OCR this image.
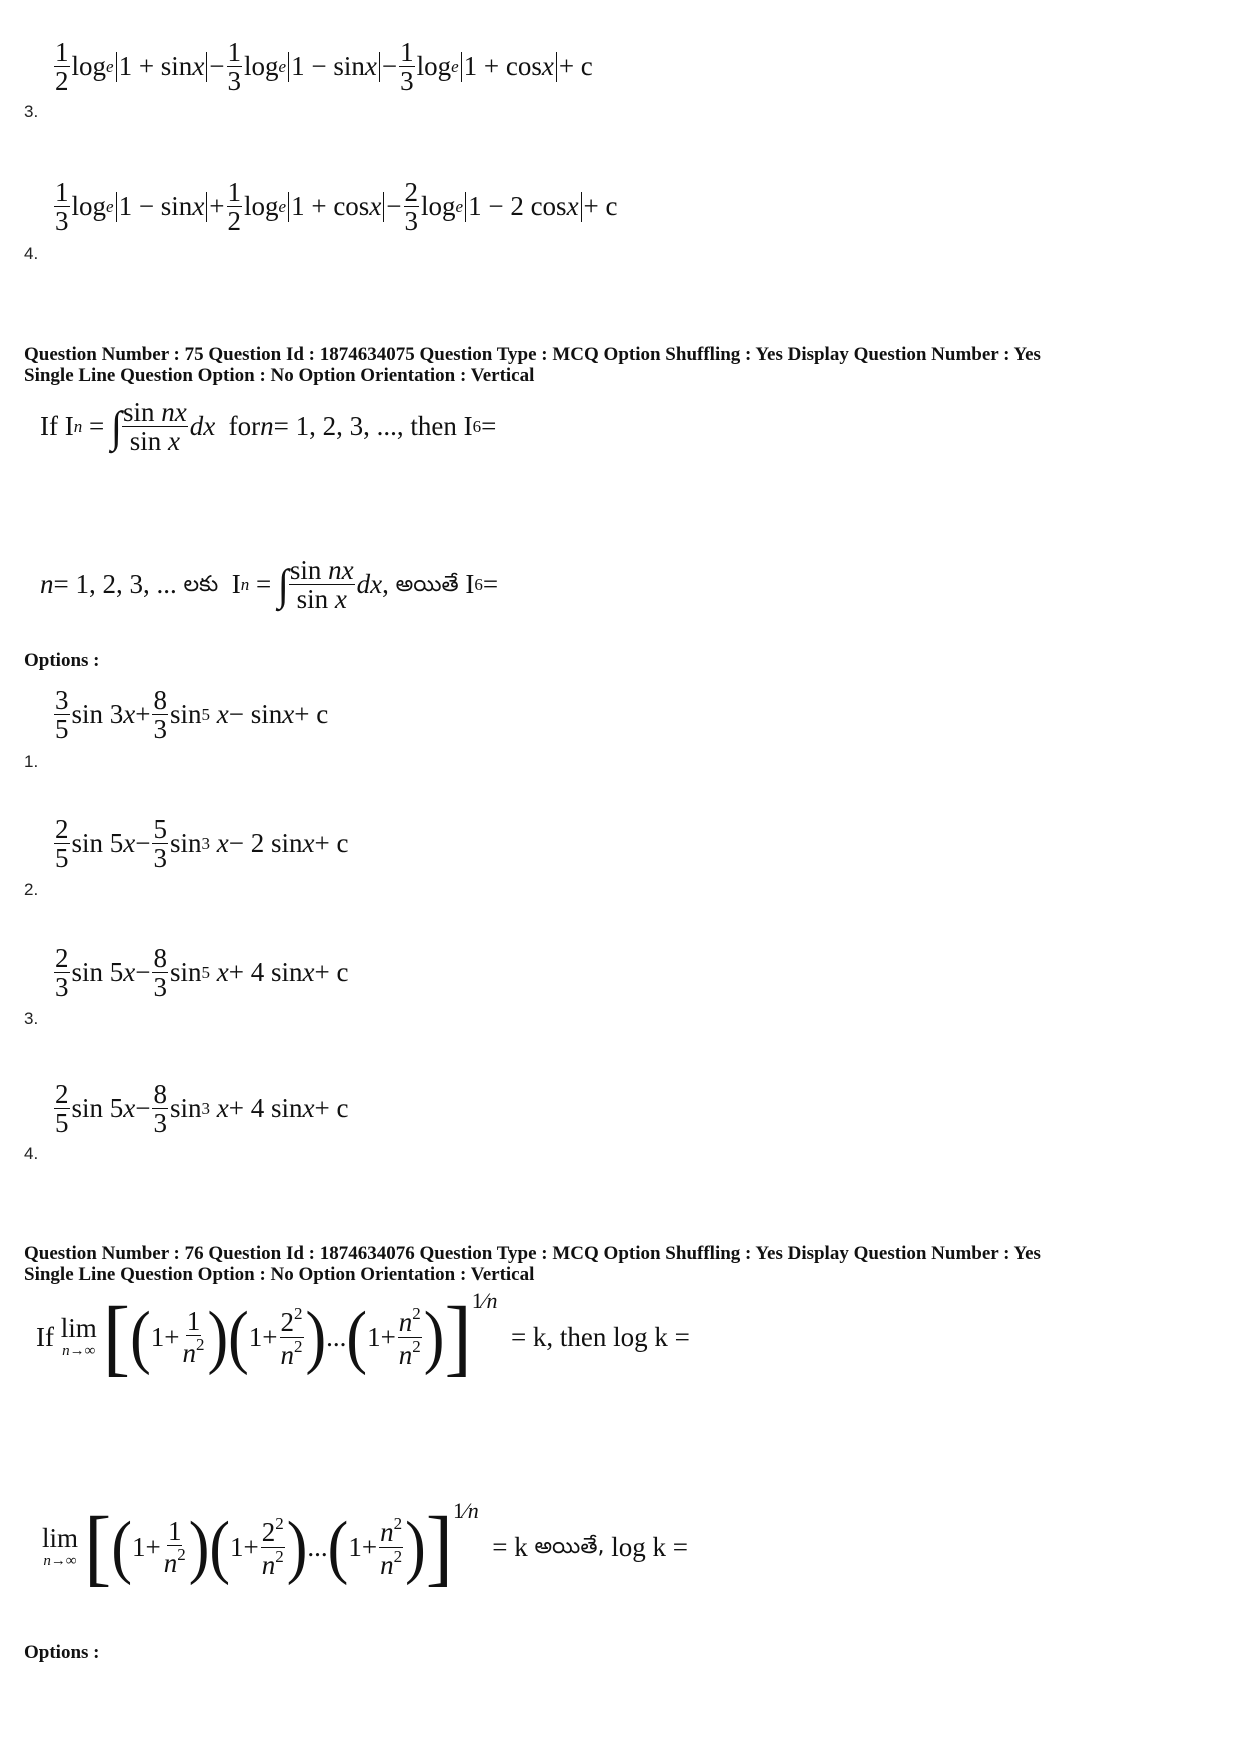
$\frac{1}{2}$ log e $1 + \sin x - \frac{1}{3}$ log e $1 - \sin x - \frac{1}{3}$ log e 1 + cos x + c
3.
$\frac{1}{3}$ log e $1 - \sin x + \frac{1}{2}$ log e $1 + \cos x - \frac{2}{3}$ log e 1 − 2 cos x + c
4.
Question Number : 75 Question Id : 1874634075 Question Type : MCQ Option Shuffling : Yes Display Question Number : Yes
Single Line Question Option : No Option Orientation : Vertical
If I n = ∫ $\frac{\text{sin nx}}{\text{sin x}}$ dx for n = 1, 2, 3, ..., then I 6 =
n = 1, 2, 3, ... లకు I n = ∫ $\frac{\text{sin nx}}{\text{sin x}}$ dx , అయితే I 6 =
Options :
$\frac{3}{5}$ sin 3 $x + \frac{8}{3}$ sin 5
x − sin x + c
1.
$\frac{2}{5}$ sin 5 $x - \frac{5}{3}$ sin 3
x − 2 sin x + c
2.
$\frac{2}{3}$ sin 5 $x - \frac{8}{3}$ sin 5
x + 4 sin x + c
3.
$\frac{2}{5}$ sin 5 $x - \frac{8}{3}$ sin 3
x + 4 sin x + c
4.
Question Number : 76 Question Id : 1874634076 Question Type : MCQ Option Shuffling : Yes Display Question Number : Yes
Single Line Question Option : No Option Orientation : Vertical
If lim
n→∞ [ ( $1+ \frac{1}{n^2}$ ) ( $1+ \frac{2^2}{n^2}$ ) ... ( $1+ \frac{n^2}{n^2}$ ) ] 1⁄n
= k, then log k =
lim
n→∞ [ ( $1+ \frac{1}{n^2}$ ) ( $1+ \frac{2^2}{n^2}$ ) ... ( $1+ \frac{n^2}{n^2}$ ) ] 1⁄n
= k అయితే, log k =
Options :
